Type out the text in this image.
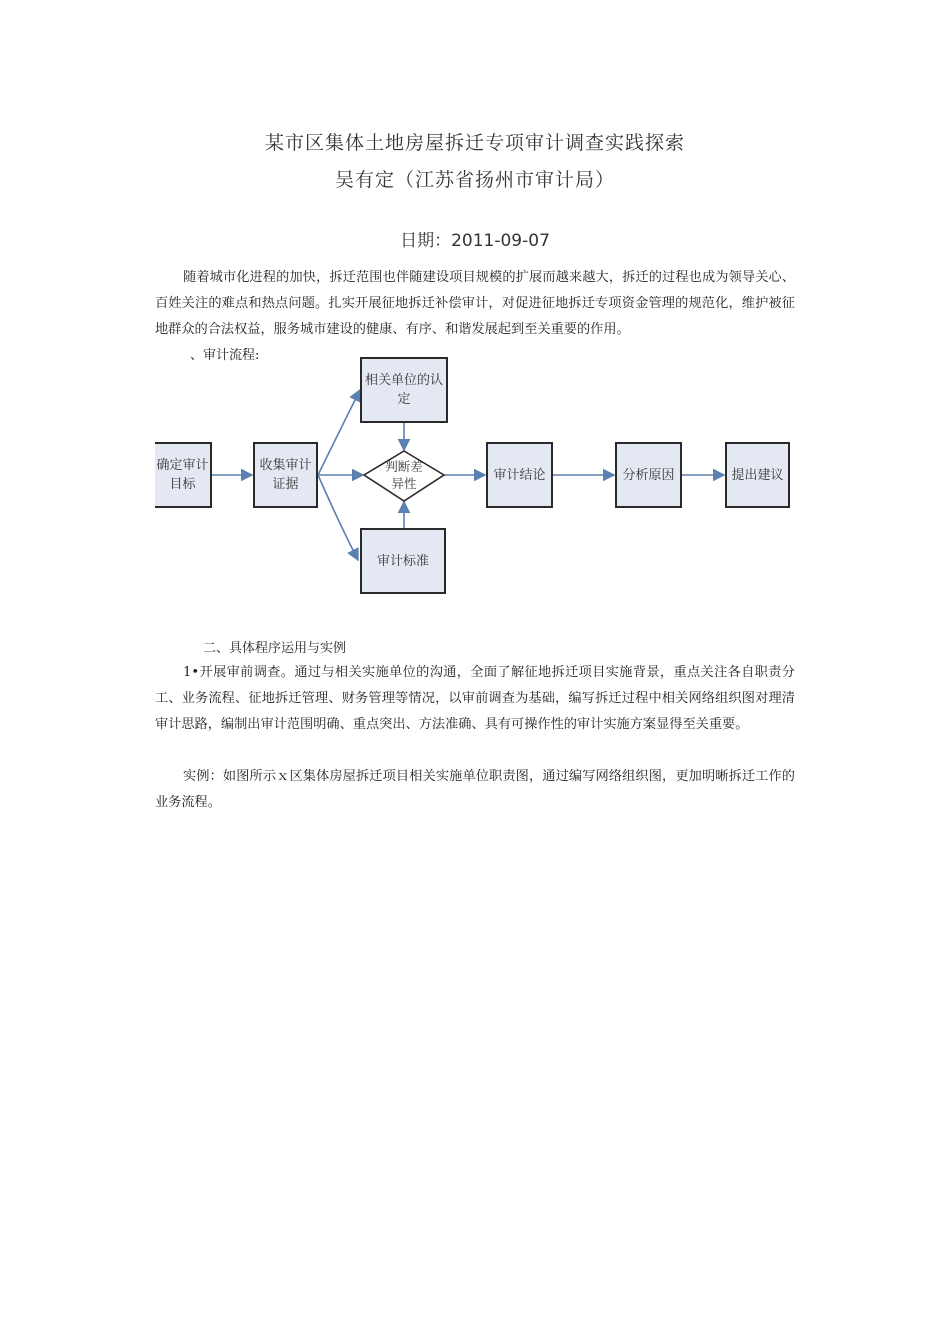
某市区集体土地房屋拆迁专项审计调查实践探索
吴有定（江苏省扬州市审计局）
日期：2011-09-07
随着城市化进程的加快，拆迁范围也伴随建设项目规模的扩展而越来越大，拆迁的过程也成为领导关心、百姓关注的难点和热点问题。扎实开展征地拆迁补偿审计，对促进征地拆迁专项资金管理的规范化，维护被征地群众的合法权益，服务城市建设的健康、有序、和谐发展起到至关重要的作用。
、审计流程:
确定审计
目标
收集审计
证据
相关单位的认
定
判断差
异性
审计标准
审计结论	分析原因	提出建议
二、具体程序运用与实例
1•开展审前调查。通过与相关实施单位的沟通，全面了解征地拆迁项目实施背景，重点关注各自职责分工、业务流程、征地拆迁管理、财务管理等情况，以审前调查为基础，编写拆迁过程中相关网络组织图对理清审计思路，编制出审计范围明确、重点突出、方法准确、具有可操作性的审计实施方案显得至关重要。
实例：如图所示ｘ区集体房屋拆迁项目相关实施单位职责图，通过编写网络组织图，更加明晰拆迁工作的业务流程。
